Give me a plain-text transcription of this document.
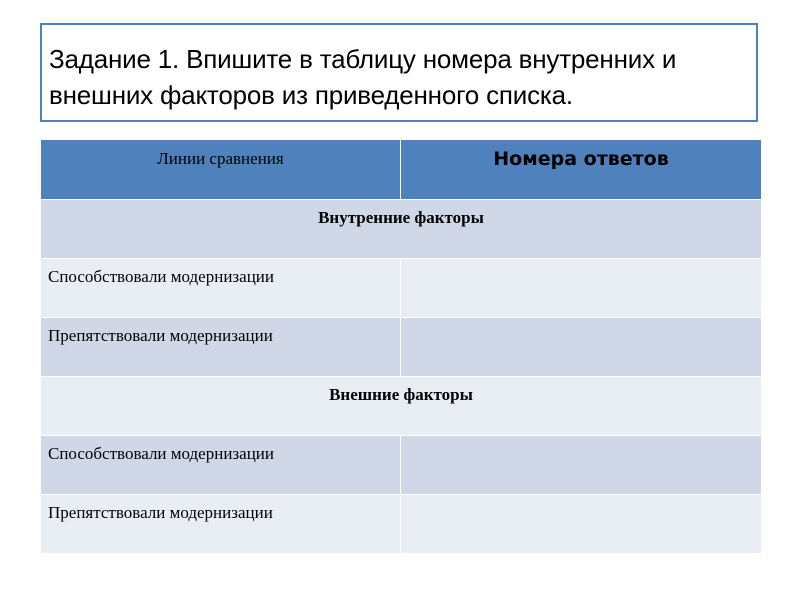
Задание 1. Впишите в таблицу номера внутренних и
внешних факторов из приведенного списка.
Линии сравнения	Номера ответов
Внутренние факторы	
Способствовали модернизации	
Препятствовали модернизации	
Внешние факторы	
Способствовали модернизации	
Препятствовали модернизации	
